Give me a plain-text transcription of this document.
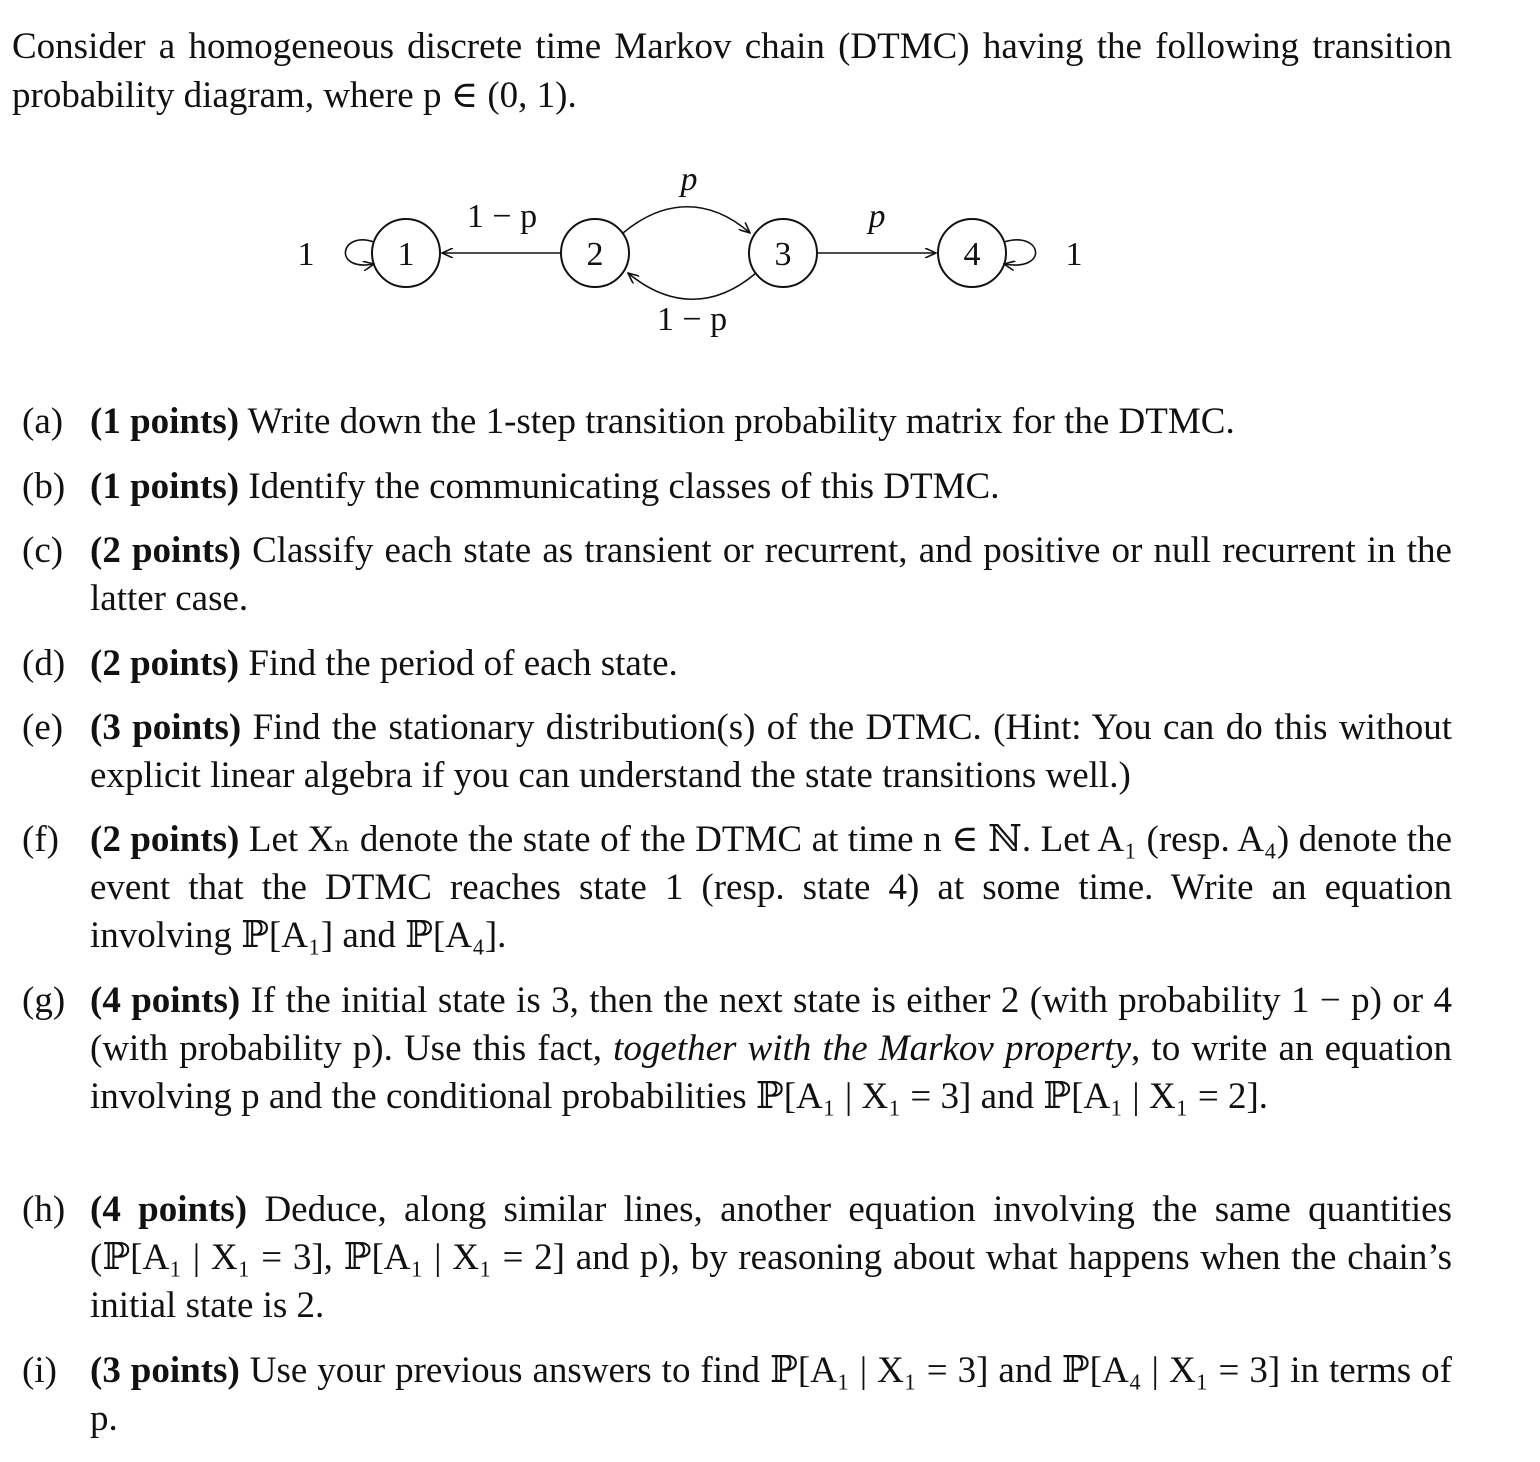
Consider a homogeneous discrete time Markov chain (DTMC) having the following transition probability diagram, where p ∈ (0, 1).
1	2	3	4
1	1
1 − p
p
1 − p
p
(a) (1 points) Write down the 1-step transition probability matrix for the DTMC.
(b) (1 points) Identify the communicating classes of this DTMC.
(c) (2 points) Classify each state as transient or recurrent, and positive or null recurrent in the latter case.
(d) (2 points) Find the period of each state.
(e) (3 points) Find the stationary distribution(s) of the DTMC. (Hint: You can do this without explicit linear algebra if you can understand the state transitions well.)
(f) (2 points) Let Xₙ denote the state of the DTMC at time n ∈ ℕ. Let A₁ (resp. A₄) denote the event that the DTMC reaches state 1 (resp. state 4) at some time. Write an equation involving ℙ[A₁] and ℙ[A₄].
(g) (4 points) If the initial state is 3, then the next state is either 2 (with probability 1 − p) or 4 (with probability p). Use this fact, together with the Markov property, to write an equation involving p and the conditional probabilities ℙ[A₁ | X₁ = 3] and ℙ[A₁ | X₁ = 2].
(h) (4 points) Deduce, along similar lines, another equation involving the same quantities (ℙ[A₁ | X₁ = 3], ℙ[A₁ | X₁ = 2] and p), by reasoning about what happens when the chain’s initial state is 2.
(i) (3 points) Use your previous answers to find ℙ[A₁ | X₁ = 3] and ℙ[A₄ | X₁ = 3] in terms of p.
